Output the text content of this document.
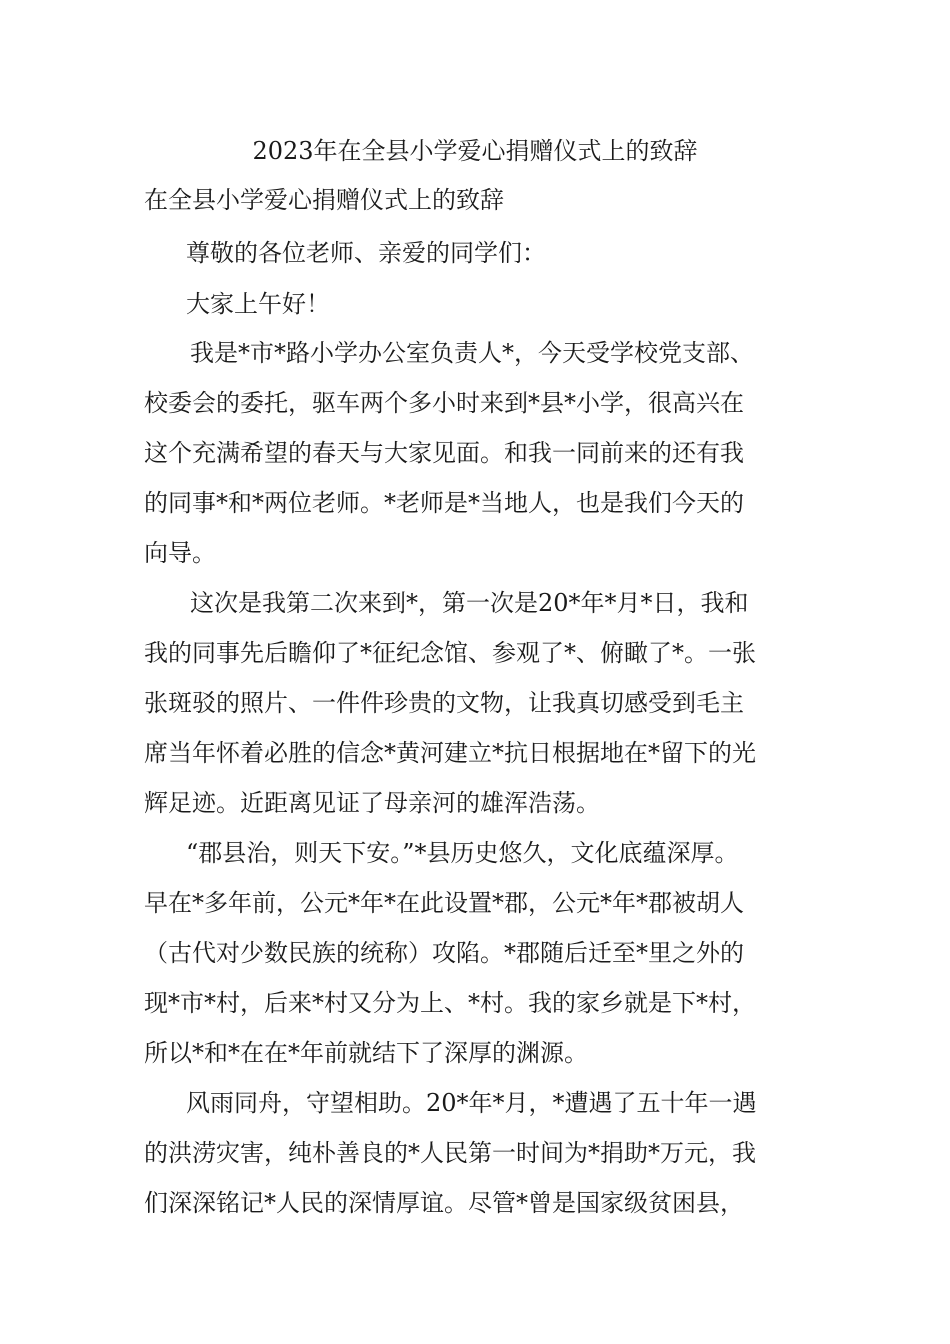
2023年在全县小学爱心捐赠仪式上的致辞

在全县小学爱心捐赠仪式上的致辞

尊敬的各位老师、亲爱的同学们：

大家上午好！

我是*市*路小学办公室负责人*，今天受学校党支部、

校委会的委托，驱车两个多小时来到*县*小学，很高兴在

这个充满希望的春天与大家见面。和我一同前来的还有我

的同事*和*两位老师。*老师是*当地人，也是我们今天的

向导。

这次是我第二次来到*，第一次是20*年*月*日，我和

我的同事先后瞻仰了*征纪念馆、参观了*、俯瞰了*。一张

张斑驳的照片、一件件珍贵的文物，让我真切感受到毛主

席当年怀着必胜的信念*黄河建立*抗日根据地在*留下的光

辉足迹。近距离见证了母亲河的雄浑浩荡。

“郡县治，则天下安。”*县历史悠久，文化底蕴深厚。

早在*多年前，公元*年*在此设置*郡，公元*年*郡被胡人

（古代对少数民族的统称）攻陷。*郡随后迁至*里之外的

现*市*村，后来*村又分为上、*村。我的家乡就是下*村，

所以*和*在在*年前就结下了深厚的渊源。

风雨同舟，守望相助。20*年*月，*遭遇了五十年一遇

的洪涝灾害，纯朴善良的*人民第一时间为*捐助*万元，我

们深深铭记*人民的深情厚谊。尽管*曾是国家级贫困县，
